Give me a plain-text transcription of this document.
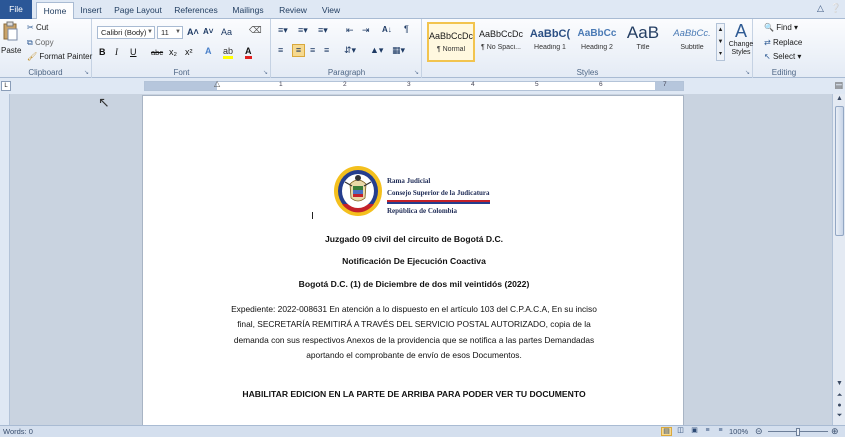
File	Home	Insert	Page Layout	References	Mailings	Review	View	△ ❔
Paste
✂ Cut
⧉ Copy
🖌 Format Painter
Clipboard	↘
Calibri (Body) ▼	11 ▼ A˄ A˅ Aa ⌫
B I U abc x₂ x² A ab A
Font	↘
≡▾ ≡▾ ≡▾ ⇤ ⇥ A↓ ¶
≡	≡ ≡ ≡ ⇵▾ ▲▾ ▦▾
Paragraph	↘
AaBbCcDc
¶ Normal
AaBbCcDc
¶ No Spaci...
AaBbC(
Heading 1
AaBbCc
Heading 2
AaB
Title
AaBbCc.
Subtitle
▲
▼
▾
A
Change Styles
Styles	↘
🔍 Find ▾
⇄ Replace
↖ Select ▾
Editing
L	△	1	2	3	4	5	6	7	▤
↖
Rama Judicial
Consejo Superior de la Judicatura
República de Colombia
Juzgado 09 civil del circuito de Bogotá D.C.
Notificación De Ejecución Coactiva
Bogotá D.C. (1) de Diciembre de dos mil veintidós (2022)
Expediente: 2022-008631 En atención a lo dispuesto en el artículo 103 del C.P.A.C.A, En su inciso
final, SECRETARÍA REMITIRÁ A TRAVÉS DEL SERVICIO POSTAL AUTORIZADO, copia de la
demanda con sus respectivos Anexos de la providencia que se notifica a las partes Demandadas
aportando el comprobante de envío de esos Documentos.
HABILITAR EDICION EN LA PARTE DE ARRIBA PARA PODER VER TU DOCUMENTO
▲
▼
⏶
●
⏷
Words: 0	▤	◫	▣	≡	≡ 100% ⊝	⊕
